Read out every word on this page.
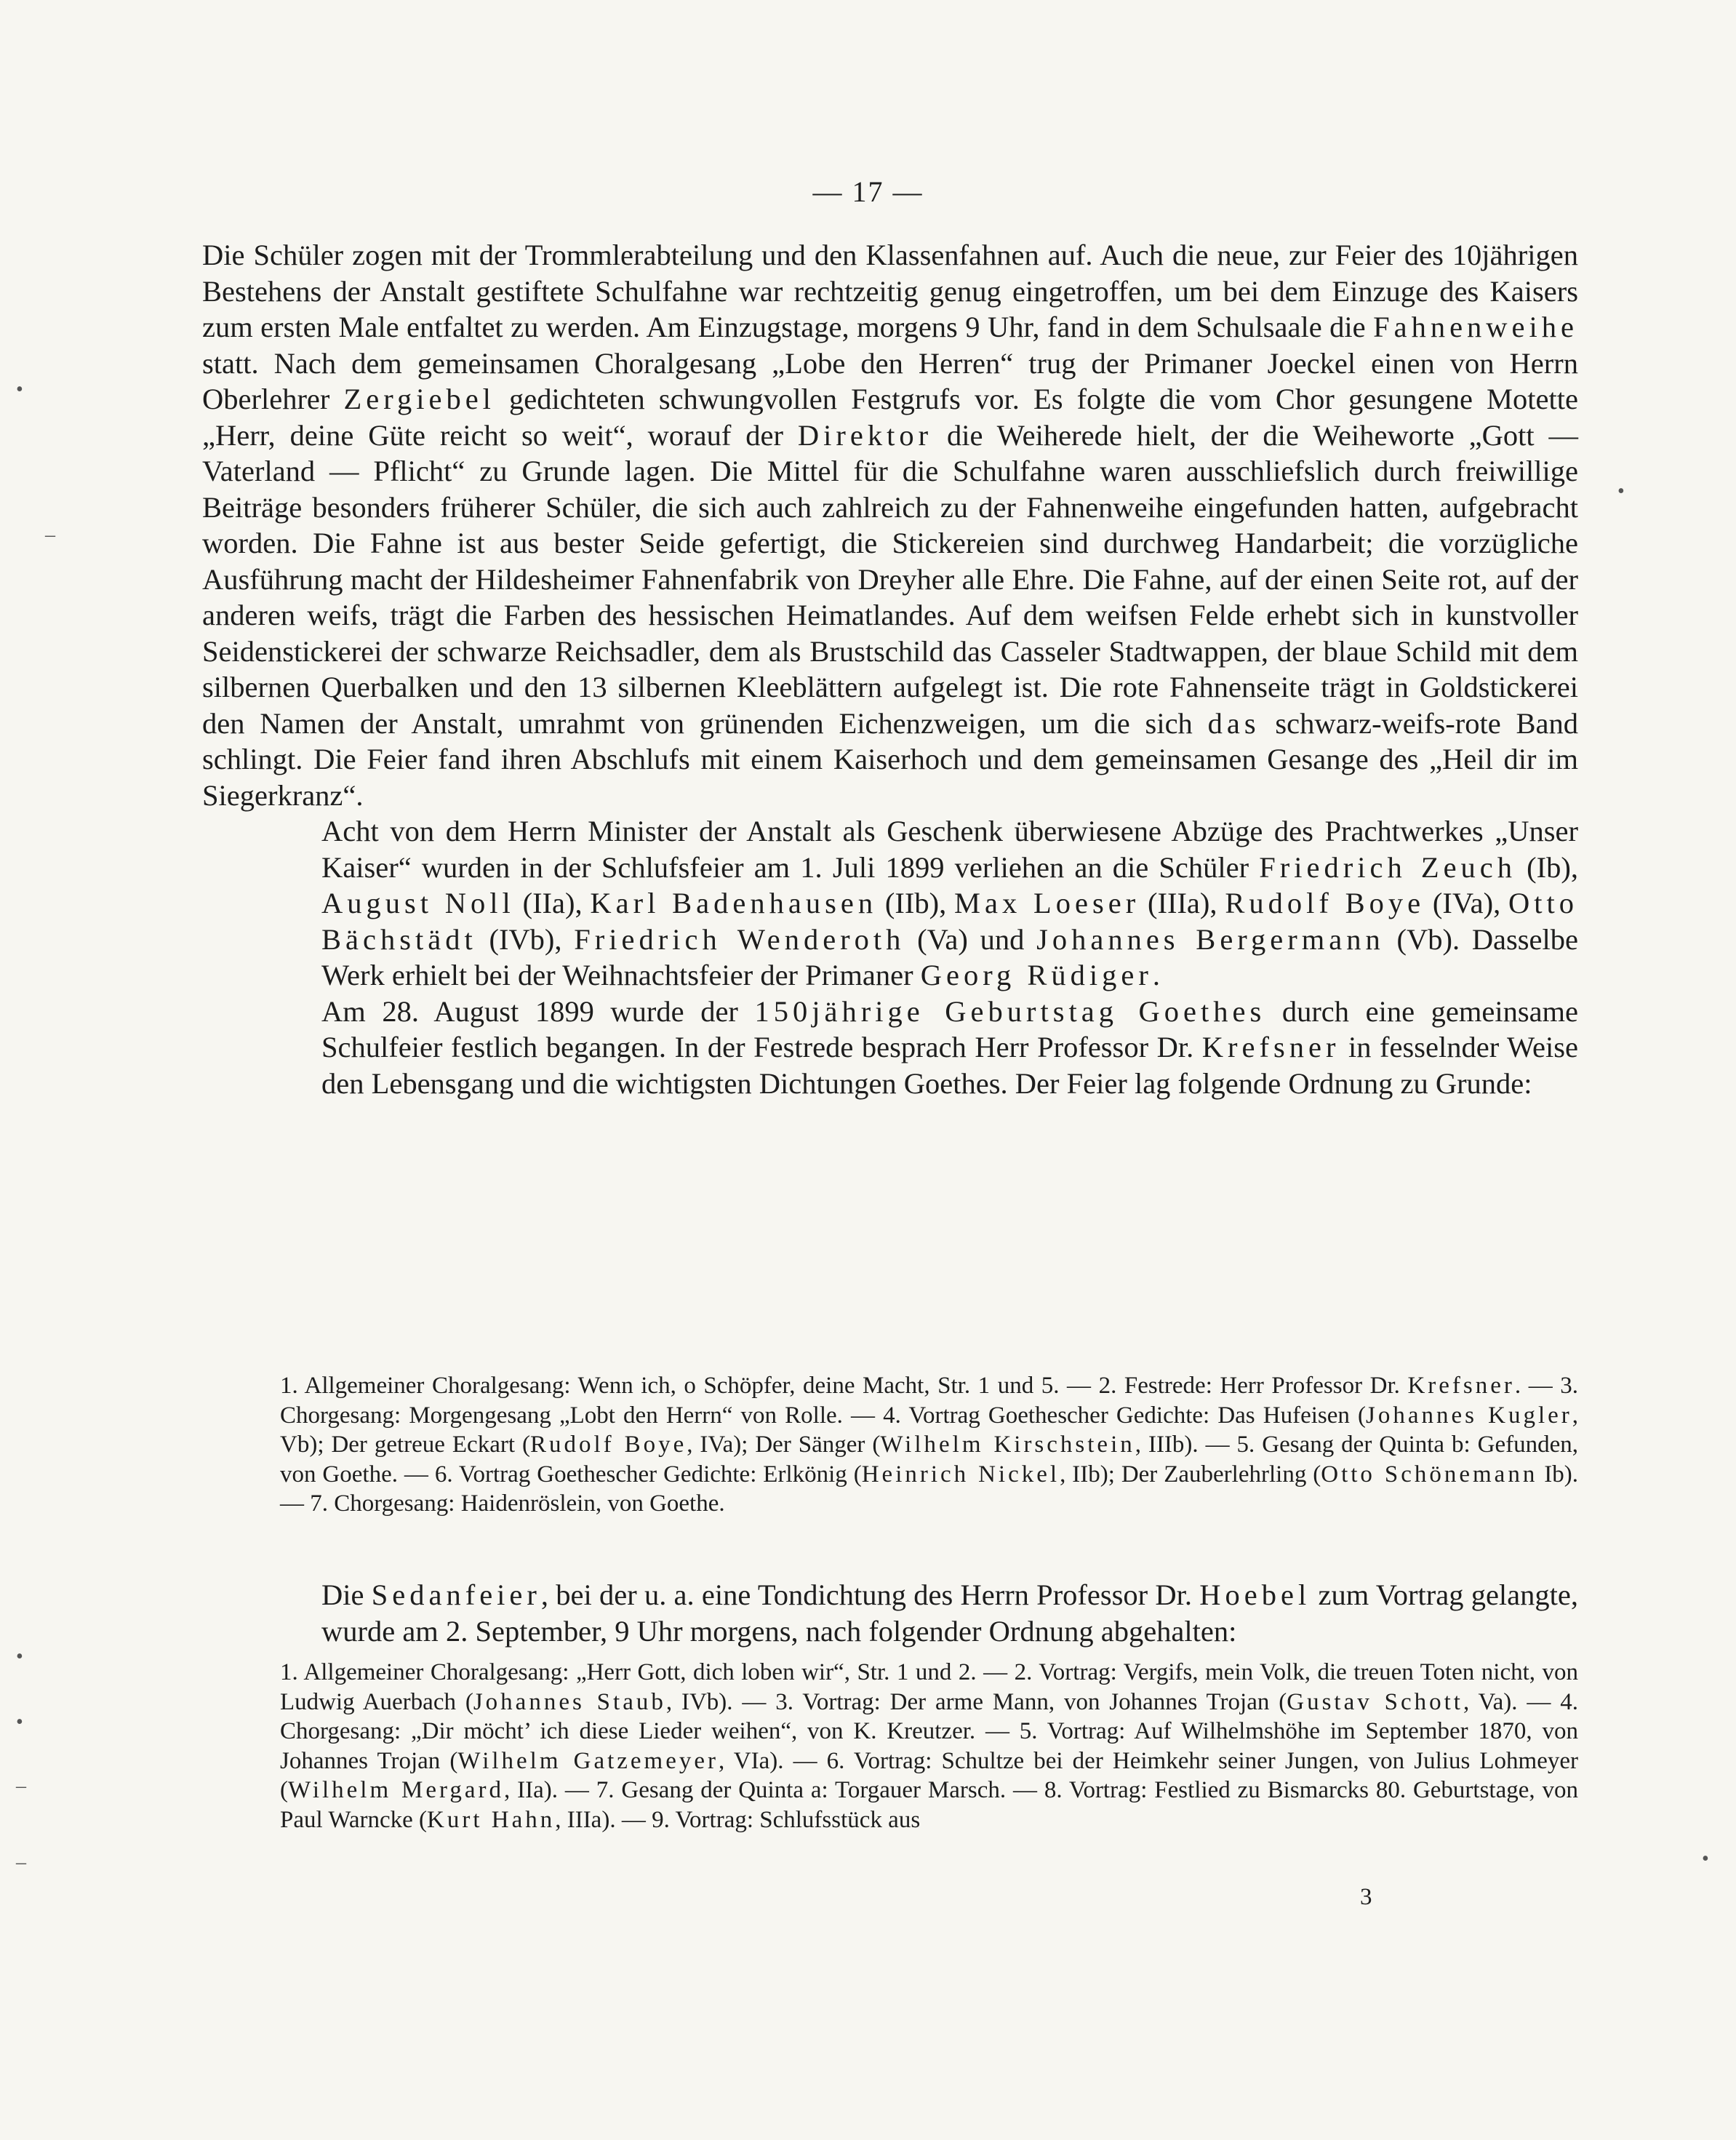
— 17 —
•
–
•
•
•
–
–	•
Die Schüler zogen mit der Trommlerabteilung und den Klassenfahnen auf. Auch die neue, zur Feier des 10jährigen Bestehens der Anstalt gestiftete Schulfahne war rechtzeitig genug eingetroffen, um bei dem Einzuge des Kaisers zum ersten Male entfaltet zu werden. Am Einzugstage, morgens 9 Uhr, fand in dem Schulsaale die Fahnenweihe statt. Nach dem gemeinsamen Choralgesang „Lobe den Herren“ trug der Primaner Joeckel einen von Herrn Oberlehrer Zergiebel gedichteten schwungvollen Festgrufs vor. Es folgte die vom Chor gesungene Motette „Herr, deine Güte reicht so weit“, worauf der Direktor die Weiherede hielt, der die Weiheworte „Gott — Vaterland — Pflicht“ zu Grunde lagen. Die Mittel für die Schulfahne waren ausschliefslich durch freiwillige Beiträge besonders früherer Schüler, die sich auch zahlreich zu der Fahnenweihe eingefunden hatten, aufgebracht worden. Die Fahne ist aus bester Seide gefertigt, die Stickereien sind durchweg Handarbeit; die vorzügliche Ausführung macht der Hildesheimer Fahnenfabrik von Dreyher alle Ehre. Die Fahne, auf der einen Seite rot, auf der anderen weifs, trägt die Farben des hessischen Heimatlandes. Auf dem weifsen Felde erhebt sich in kunstvoller Seidenstickerei der schwarze Reichsadler, dem als Brustschild das Casseler Stadtwappen, der blaue Schild mit dem silbernen Querbalken und den 13 silbernen Kleeblättern aufgelegt ist. Die rote Fahnenseite trägt in Goldstickerei den Namen der Anstalt, umrahmt von grünenden Eichenzweigen, um die sich das schwarz-weifs-rote Band schlingt. Die Feier fand ihren Abschlufs mit einem Kaiserhoch und dem gemeinsamen Gesange des „Heil dir im Siegerkranz“.
Acht von dem Herrn Minister der Anstalt als Geschenk überwiesene Abzüge des Prachtwerkes „Unser Kaiser“ wurden in der Schlufsfeier am 1. Juli 1899 verliehen an die Schüler Friedrich Zeuch (Ib), August Noll (IIa), Karl Badenhausen (IIb), Max Loeser (IIIa), Rudolf Boye (IVa), Otto Bächstädt (IVb), Friedrich Wenderoth (Va) und Johannes Bergermann (Vb). Dasselbe Werk erhielt bei der Weihnachtsfeier der Primaner Georg Rüdiger.
Am 28. August 1899 wurde der 150jährige Geburtstag Goethes durch eine gemeinsame Schulfeier festlich begangen. In der Festrede besprach Herr Professor Dr. Krefsner in fesselnder Weise den Lebensgang und die wichtigsten Dichtungen Goethes. Der Feier lag folgende Ordnung zu Grunde:
1. Allgemeiner Choralgesang: Wenn ich, o Schöpfer, deine Macht, Str. 1 und 5. — 2. Festrede: Herr Professor Dr. Krefsner. — 3. Chorgesang: Morgengesang „Lobt den Herrn“ von Rolle. — 4. Vortrag Goethescher Gedichte: Das Hufeisen (Johannes Kugler, Vb); Der getreue Eckart (Rudolf Boye, IVa); Der Sänger (Wilhelm Kirschstein, IIIb). — 5. Gesang der Quinta b: Gefunden, von Goethe. — 6. Vortrag Goethescher Gedichte: Erlkönig (Heinrich Nickel, IIb); Der Zauberlehrling (Otto Schönemann Ib). — 7. Chorgesang: Haidenröslein, von Goethe.
Die Sedanfeier, bei der u. a. eine Tondichtung des Herrn Professor Dr. Hoebel zum Vortrag gelangte, wurde am 2. September, 9 Uhr morgens, nach folgender Ordnung abgehalten:
1. Allgemeiner Choralgesang: „Herr Gott, dich loben wir“, Str. 1 und 2. — 2. Vortrag: Vergifs, mein Volk, die treuen Toten nicht, von Ludwig Auerbach (Johannes Staub, IVb). — 3. Vortrag: Der arme Mann, von Johannes Trojan (Gustav Schott, Va). — 4. Chorgesang: „Dir möcht’ ich diese Lieder weihen“, von K. Kreutzer. — 5. Vortrag: Auf Wilhelmshöhe im September 1870, von Johannes Trojan (Wilhelm Gatzemeyer, VIa). — 6. Vortrag: Schultze bei der Heimkehr seiner Jungen, von Julius Lohmeyer (Wilhelm Mergard, IIa). — 7. Gesang der Quinta a: Torgauer Marsch. — 8. Vortrag: Festlied zu Bismarcks 80. Geburtstage, von Paul Warncke (Kurt Hahn, IIIa). — 9. Vortrag: Schlufsstück aus
3
